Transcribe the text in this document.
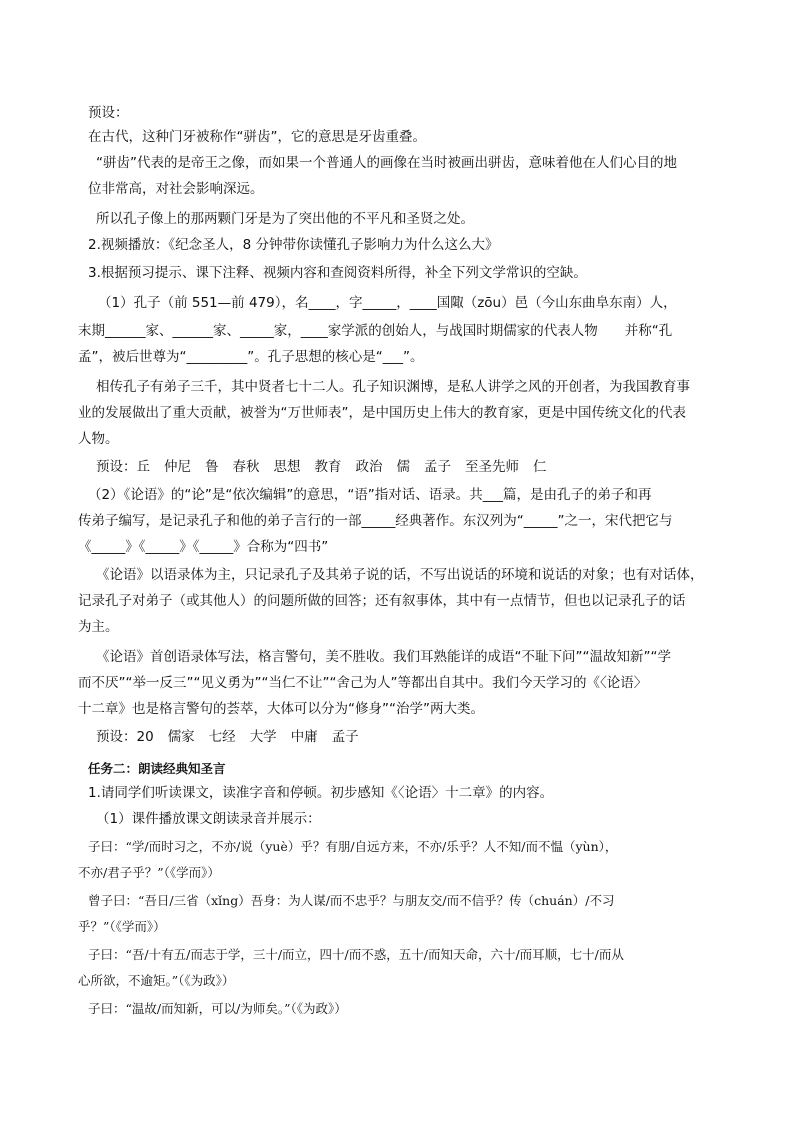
预设：
在古代，这种门牙被称作“骈齿”，它的意思是牙齿重叠。
“骈齿”代表的是帝王之像，而如果一个普通人的画像在当时被画出骈齿，意味着他在人们心目的地
位非常高，对社会影响深远。
所以孔子像上的那两颗门牙是为了突出他的不平凡和圣贤之处。
2.视频播放：《纪念圣人，8 分钟带你读懂孔子影响力为什么这么大》
3.根据预习提示、课下注释、视频内容和查阅资料所得，补全下列文学常识的空缺。
（1）孔子（前 551—前 479），名____，字_____，____国陬（zōu）邑（今山东曲阜东南）人，
末期______家、______家、_____家，____家学派的创始人，与战国时期儒家的代表人物　　并称“孔
孟”，被后世尊为“_________”。孔子思想的核心是“___”。
相传孔子有弟子三千，其中贤者七十二人。孔子知识渊博，是私人讲学之风的开创者，为我国教育事
业的发展做出了重大贡献，被誉为“万世师表”，是中国历史上伟大的教育家，更是中国传统文化的代表
人物。
预设：丘 仲尼 鲁 春秋 思想 教育 政治 儒 孟子 至圣先师 仁
（2）《论语》的“论”是“依次编辑”的意思，“语”指对话、语录。共___篇，是由孔子的弟子和再
传弟子编写，是记录孔子和他的弟子言行的一部_____经典著作。东汉列为“_____”之一，宋代把它与
《_____》《_____》《_____》合称为“四书”
《论语》以语录体为主，只记录孔子及其弟子说的话，不写出说话的环境和说话的对象；也有对话体，
记录孔子对弟子（或其他人）的问题所做的回答；还有叙事体，其中有一点情节，但也以记录孔子的话
为主。
《论语》首创语录体写法，格言警句，美不胜收。我们耳熟能详的成语“不耻下问”“温故知新”“学
而不厌”“举一反三”“见义勇为”“当仁不让”“舍己为人”等都出自其中。我们今天学习的《〈论语〉
十二章》也是格言警句的荟萃，大体可以分为“修身”“治学”两大类。
预设：20 儒家 七经 大学 中庸 孟子
任务二：朗读经典知圣言
1.请同学们听读课文，读准字音和停顿。初步感知《〈论语〉十二章》的内容。
（1）课件播放课文朗读录音并展示：
子曰：“学/而时习之，不亦/说（yuè）乎？有朋/自远方来，不亦/乐乎？人不知/而不愠（yùn），
不亦/君子乎？”（《学而》）
曾子曰：“吾日/三省（xǐng）吾身：为人谋/而不忠乎？与朋友交/而不信乎？传（chuán）/不习
乎？”（《学而》）
子曰：“吾/十有五/而志于学，三十/而立，四十/而不惑，五十/而知天命，六十/而耳顺，七十/而从
心所欲，不逾矩。”（《为政》）
子曰：“温故/而知新，可以/为师矣。”（《为政》）
